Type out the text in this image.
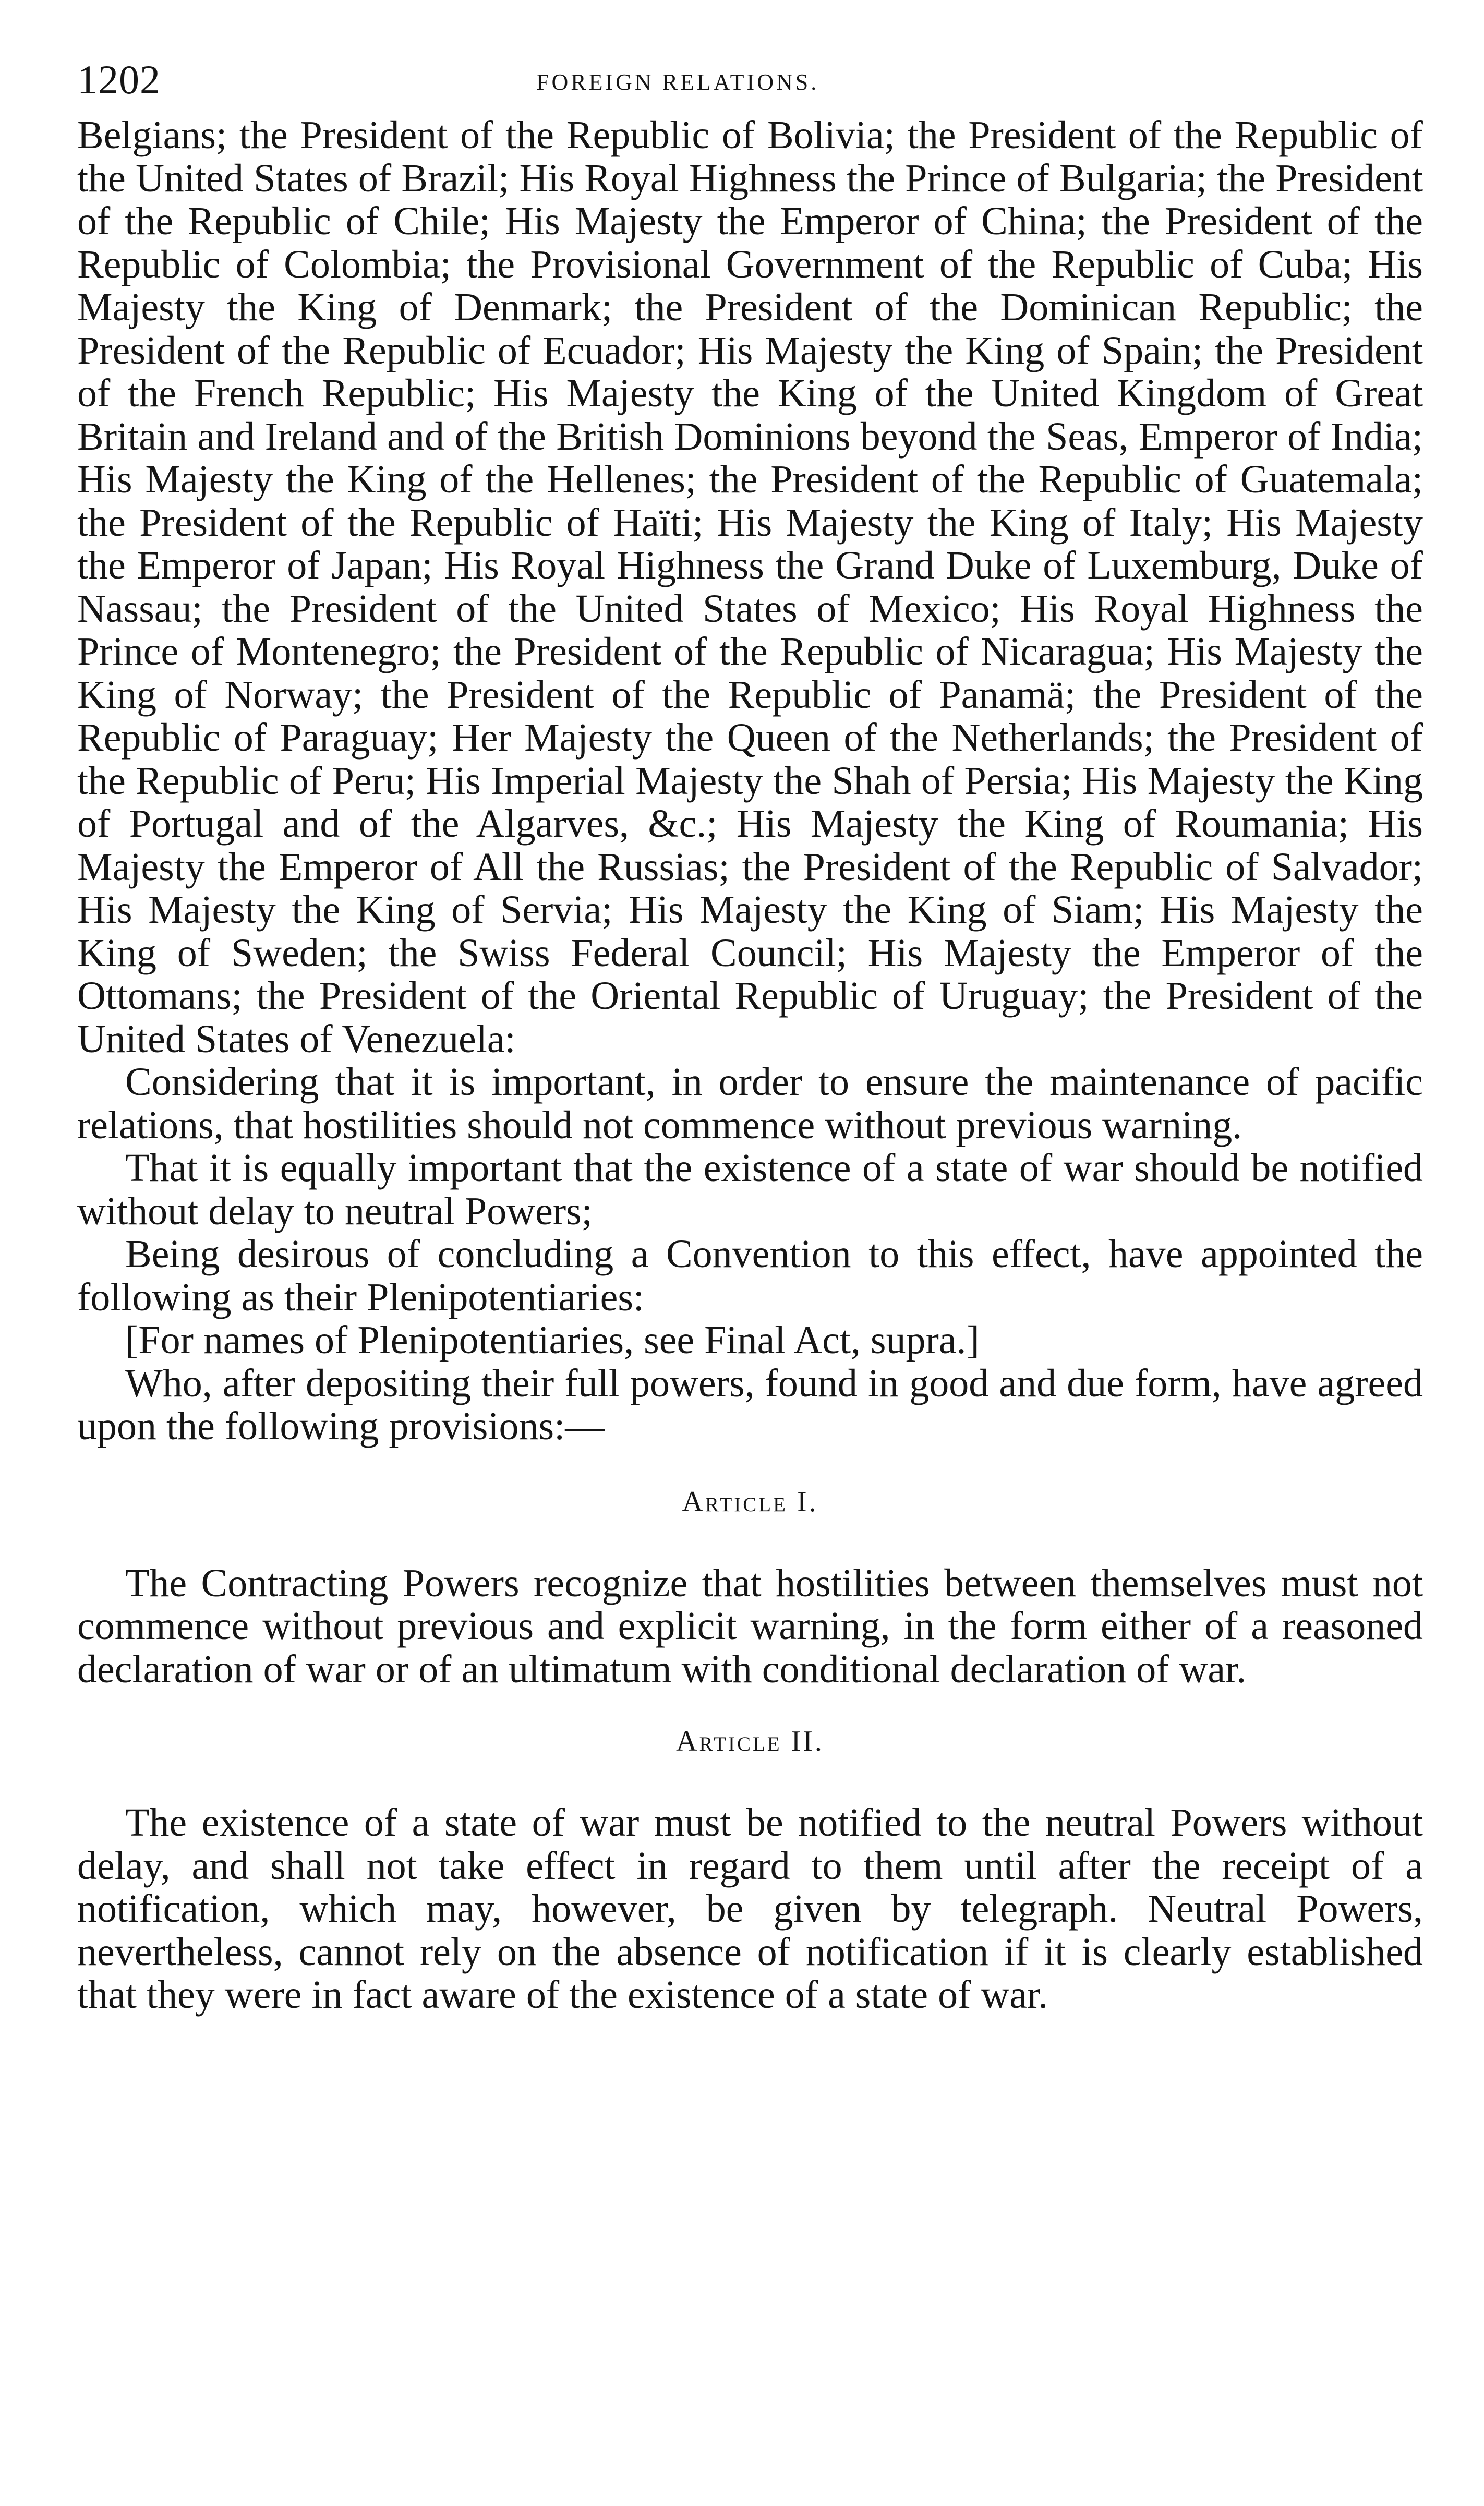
1202	FOREIGN RELATIONS.

Belgians; the President of the Republic of Bolivia; the President of the Republic of the United States of Brazil; His Royal Highness the Prince of Bulgaria; the President of the Republic of Chile; His Majesty the Emperor of China; the President of the Republic of Colombia; the Provisional Government of the Republic of Cuba; His Majesty the King of Denmark; the President of the Dominican Republic; the President of the Republic of Ecuador; His Majesty the King of Spain; the President of the French Republic; His Majesty the King of the United Kingdom of Great Britain and Ireland and of the British Dominions beyond the Seas, Emperor of India; His Majesty the King of the Hellenes; the President of the Republic of Guatemala; the President of the Republic of Haïti; His Majesty the King of Italy; His Majesty the Emperor of Japan; His Royal Highness the Grand Duke of Luxemburg, Duke of Nassau; the President of the United States of Mexico; His Royal Highness the Prince of Montenegro; the President of the Republic of Nicaragua; His Majesty the King of Norway; the President of the Republic of Panamä; the President of the Republic of Paraguay; Her Majesty the Queen of the Netherlands; the President of the Republic of Peru; His Imperial Majesty the Shah of Persia; His Majesty the King of Portugal and of the Algarves, &c.; His Majesty the King of Roumania; His Majesty the Emperor of All the Russias; the President of the Republic of Salvador; His Majesty the King of Servia; His Majesty the King of Siam; His Majesty the King of Sweden; the Swiss Federal Council; His Majesty the Emperor of the Ottomans; the President of the Oriental Republic of Uruguay; the President of the United States of Venezuela:

Considering that it is important, in order to ensure the maintenance of pacific relations, that hostilities should not commence without previous warning.

That it is equally important that the existence of a state of war should be notified without delay to neutral Powers;

Being desirous of concluding a Convention to this effect, have appointed the following as their Plenipotentiaries:

[For names of Plenipotentiaries, see Final Act, supra.]

Who, after depositing their full powers, found in good and due form, have agreed upon the following provisions:—

Article I.

The Contracting Powers recognize that hostilities between themselves must not commence without previous and explicit warning, in the form either of a reasoned declaration of war or of an ultimatum with conditional declaration of war.

Article II.

The existence of a state of war must be notified to the neutral Powers without delay, and shall not take effect in regard to them until after the receipt of a notification, which may, however, be given by telegraph. Neutral Powers, nevertheless, cannot rely on the absence of notification if it is clearly established that they were in fact aware of the existence of a state of war.
